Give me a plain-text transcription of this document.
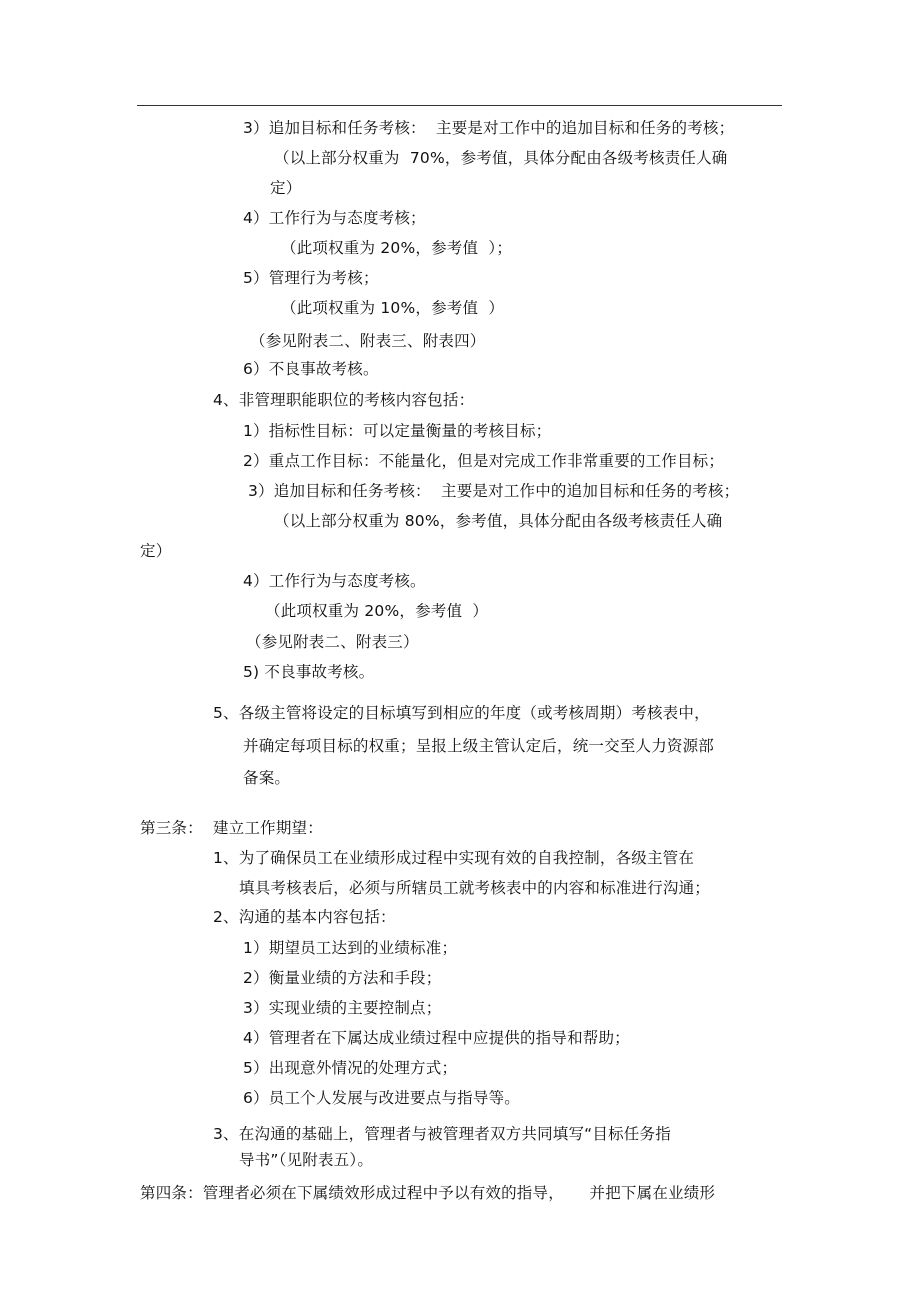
3）追加目标和任务考核：  主要是对工作中的追加目标和任务的考核；
（以上部分权重为  70%，参考值，具体分配由各级考核责任人确
定）
4）工作行为与态度考核；
（此项权重为 20%，参考值  ）；
5）管理行为考核；
（此项权重为 10%，参考值  ）
（参见附表二、附表三、附表四）
6）不良事故考核。
4、非管理职能职位的考核内容包括：
1）指标性目标：可以定量衡量的考核目标；
2）重点工作目标：不能量化，但是对完成工作非常重要的工作目标；
3）追加目标和任务考核：  主要是对工作中的追加目标和任务的考核；
（以上部分权重为 80%，参考值，具体分配由各级考核责任人确
定）
4）工作行为与态度考核。
（此项权重为 20%，参考值  ）
（参见附表二、附表三）
5) 不良事故考核。
5、各级主管将设定的目标填写到相应的年度（或考核周期）考核表中，
并确定每项目标的权重；呈报上级主管认定后，统一交至人力资源部
备案。
第三条：  建立工作期望：
1、为了确保员工在业绩形成过程中实现有效的自我控制，各级主管在
填具考核表后，必须与所辖员工就考核表中的内容和标准进行沟通；
2、沟通的基本内容包括：
1）期望员工达到的业绩标准；
2）衡量业绩的方法和手段；
3）实现业绩的主要控制点；
4）管理者在下属达成业绩过程中应提供的指导和帮助；
5）出现意外情况的处理方式；
6）员工个人发展与改进要点与指导等。
3、在沟通的基础上，管理者与被管理者双方共同填写“目标任务指
导书”（见附表五）。
第四条：管理者必须在下属绩效形成过程中予以有效的指导，     并把下属在业绩形
